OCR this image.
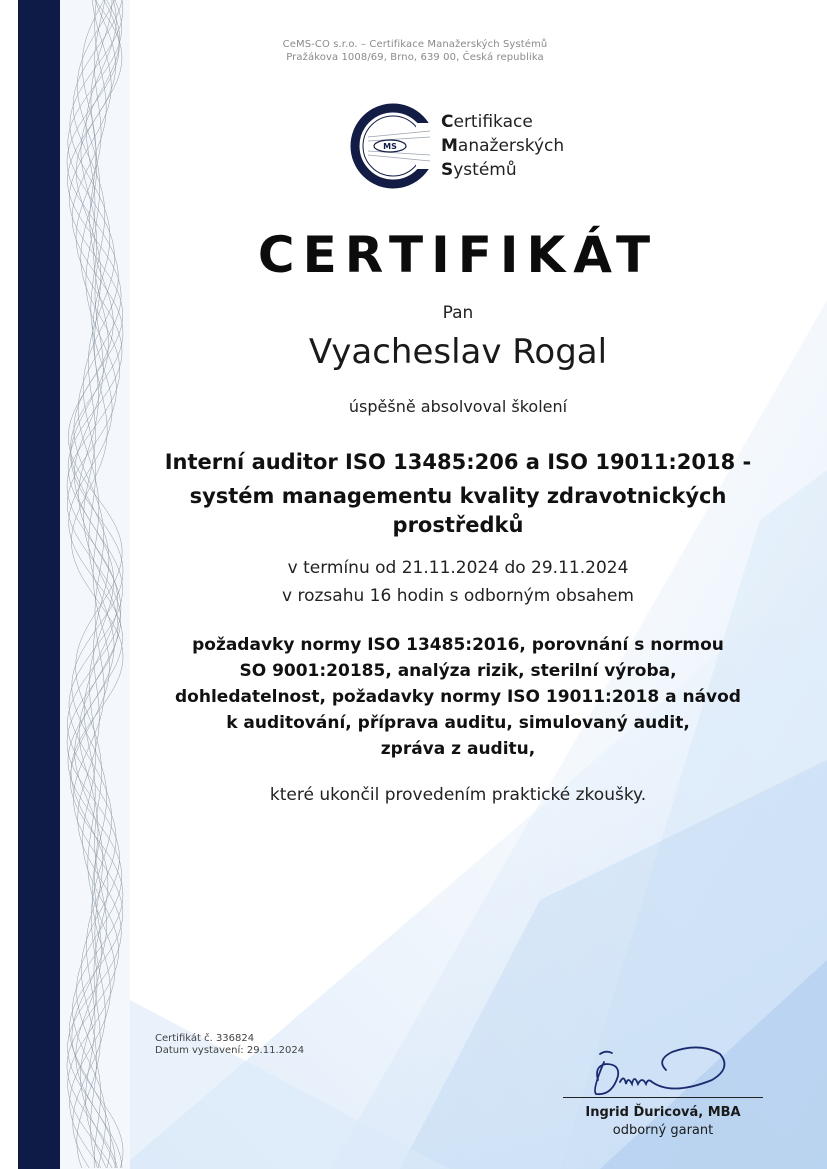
CeMS-CO s.r.o. – Certifikace Manažerských Systémů
Pražákova 1008/69, Brno, 639 00, Česká republika
MS
Certifikace
Manažerských
Systémů
CERTIFIKÁT
Pan
Vyacheslav Rogal
úspěšně absolvoval školení
Interní auditor ISO 13485:206 a ISO 19011:2018 -
systém managementu kvality zdravotnických
prostředků
v termínu od 21.11.2024 do 29.11.2024
v rozsahu 16 hodin s odborným obsahem
požadavky normy ISO 13485:2016, porovnání s normou
SO 9001:20185, analýza rizik, sterilní výroba,
dohledatelnost, požadavky normy ISO 19011:2018 a návod
k auditování, příprava auditu, simulovaný audit,
zpráva z auditu,
které ukončil provedením praktické zkoušky.
Certifikát č. 336824
Datum vystavení: 29.11.2024
Ingrid Ďuricová, MBA
odborný garant
